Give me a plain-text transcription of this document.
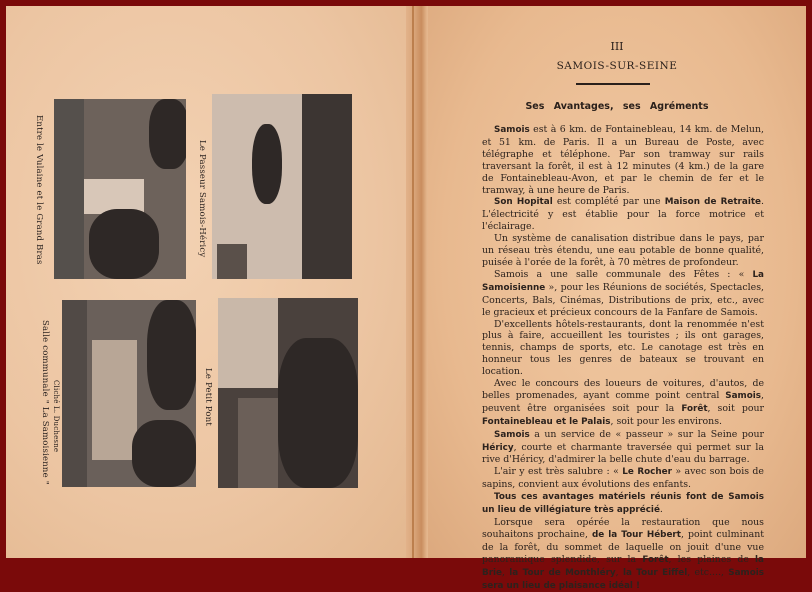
Entre le Vulaine et le Grand Bras	Le Passeur Samois-Héricy
Salle communale " La Samoisienne " Cliché L. Duchesne	Le Petit Pont
III
SAMOIS-SUR-SEINE
Ses Avantages, ses Agréments

Samois est à 6 km. de Fontainebleau, 14 km. de Melun, et 51 km. de Paris. Il a un Bureau de Poste, avec télégraphe et téléphone. Par son tramway sur rails traversant la forêt, il est à 12 minutes (4 km.) de la gare de Fontainebleau-Avon, et par le chemin de fer et le tramway, à une heure de Paris.

Son Hopital est complété par une Maison de Retraite. L'électricité y est établie pour la force motrice et l'éclairage.

Un système de canalisation distribue dans le pays, par un réseau très étendu, une eau potable de bonne qualité, puisée à l'orée de la forêt, à 70 mètres de profondeur.

Samois a une salle communale des Fêtes : « La Samoisienne », pour les Réunions de sociétés, Spectacles, Concerts, Bals, Cinémas, Distributions de prix, etc., avec le gracieux et précieux concours de la Fanfare de Samois.

D'excellents hôtels-restaurants, dont la renommée n'est plus à faire, accueillent les touristes ; ils ont garages, tennis, champs de sports, etc. Le canotage est très en honneur tous les genres de bateaux se trouvant en location.

Avec le concours des loueurs de voitures, d'autos, de belles promenades, ayant comme point central Samois, peuvent être organisées soit pour la Forêt, soit pour Fontainebleau et le Palais, soit pour les environs.

Samois a un service de « passeur » sur la Seine pour Héricy, courte et charmante traversée qui permet sur la rive d'Héricy, d'admirer la belle chute d'eau du barrage.

L'air y est très salubre : « Le Rocher » avec son bois de sapins, convient aux évolutions des enfants.

Tous ces avantages matériels réunis font de Samois un lieu de villégiature très apprécié.

Lorsque sera opérée la restauration que nous souhaitons prochaine, de la Tour Hébert, point culminant de la forêt, du sommet de laquelle on jouit d'une vue panoramique splendide, sur la Forêt, les plaines de la Brie, la Tour de Monthléry, la Tour Eiffel, etc...., Samois sera un lieu de plaisance idéal !
